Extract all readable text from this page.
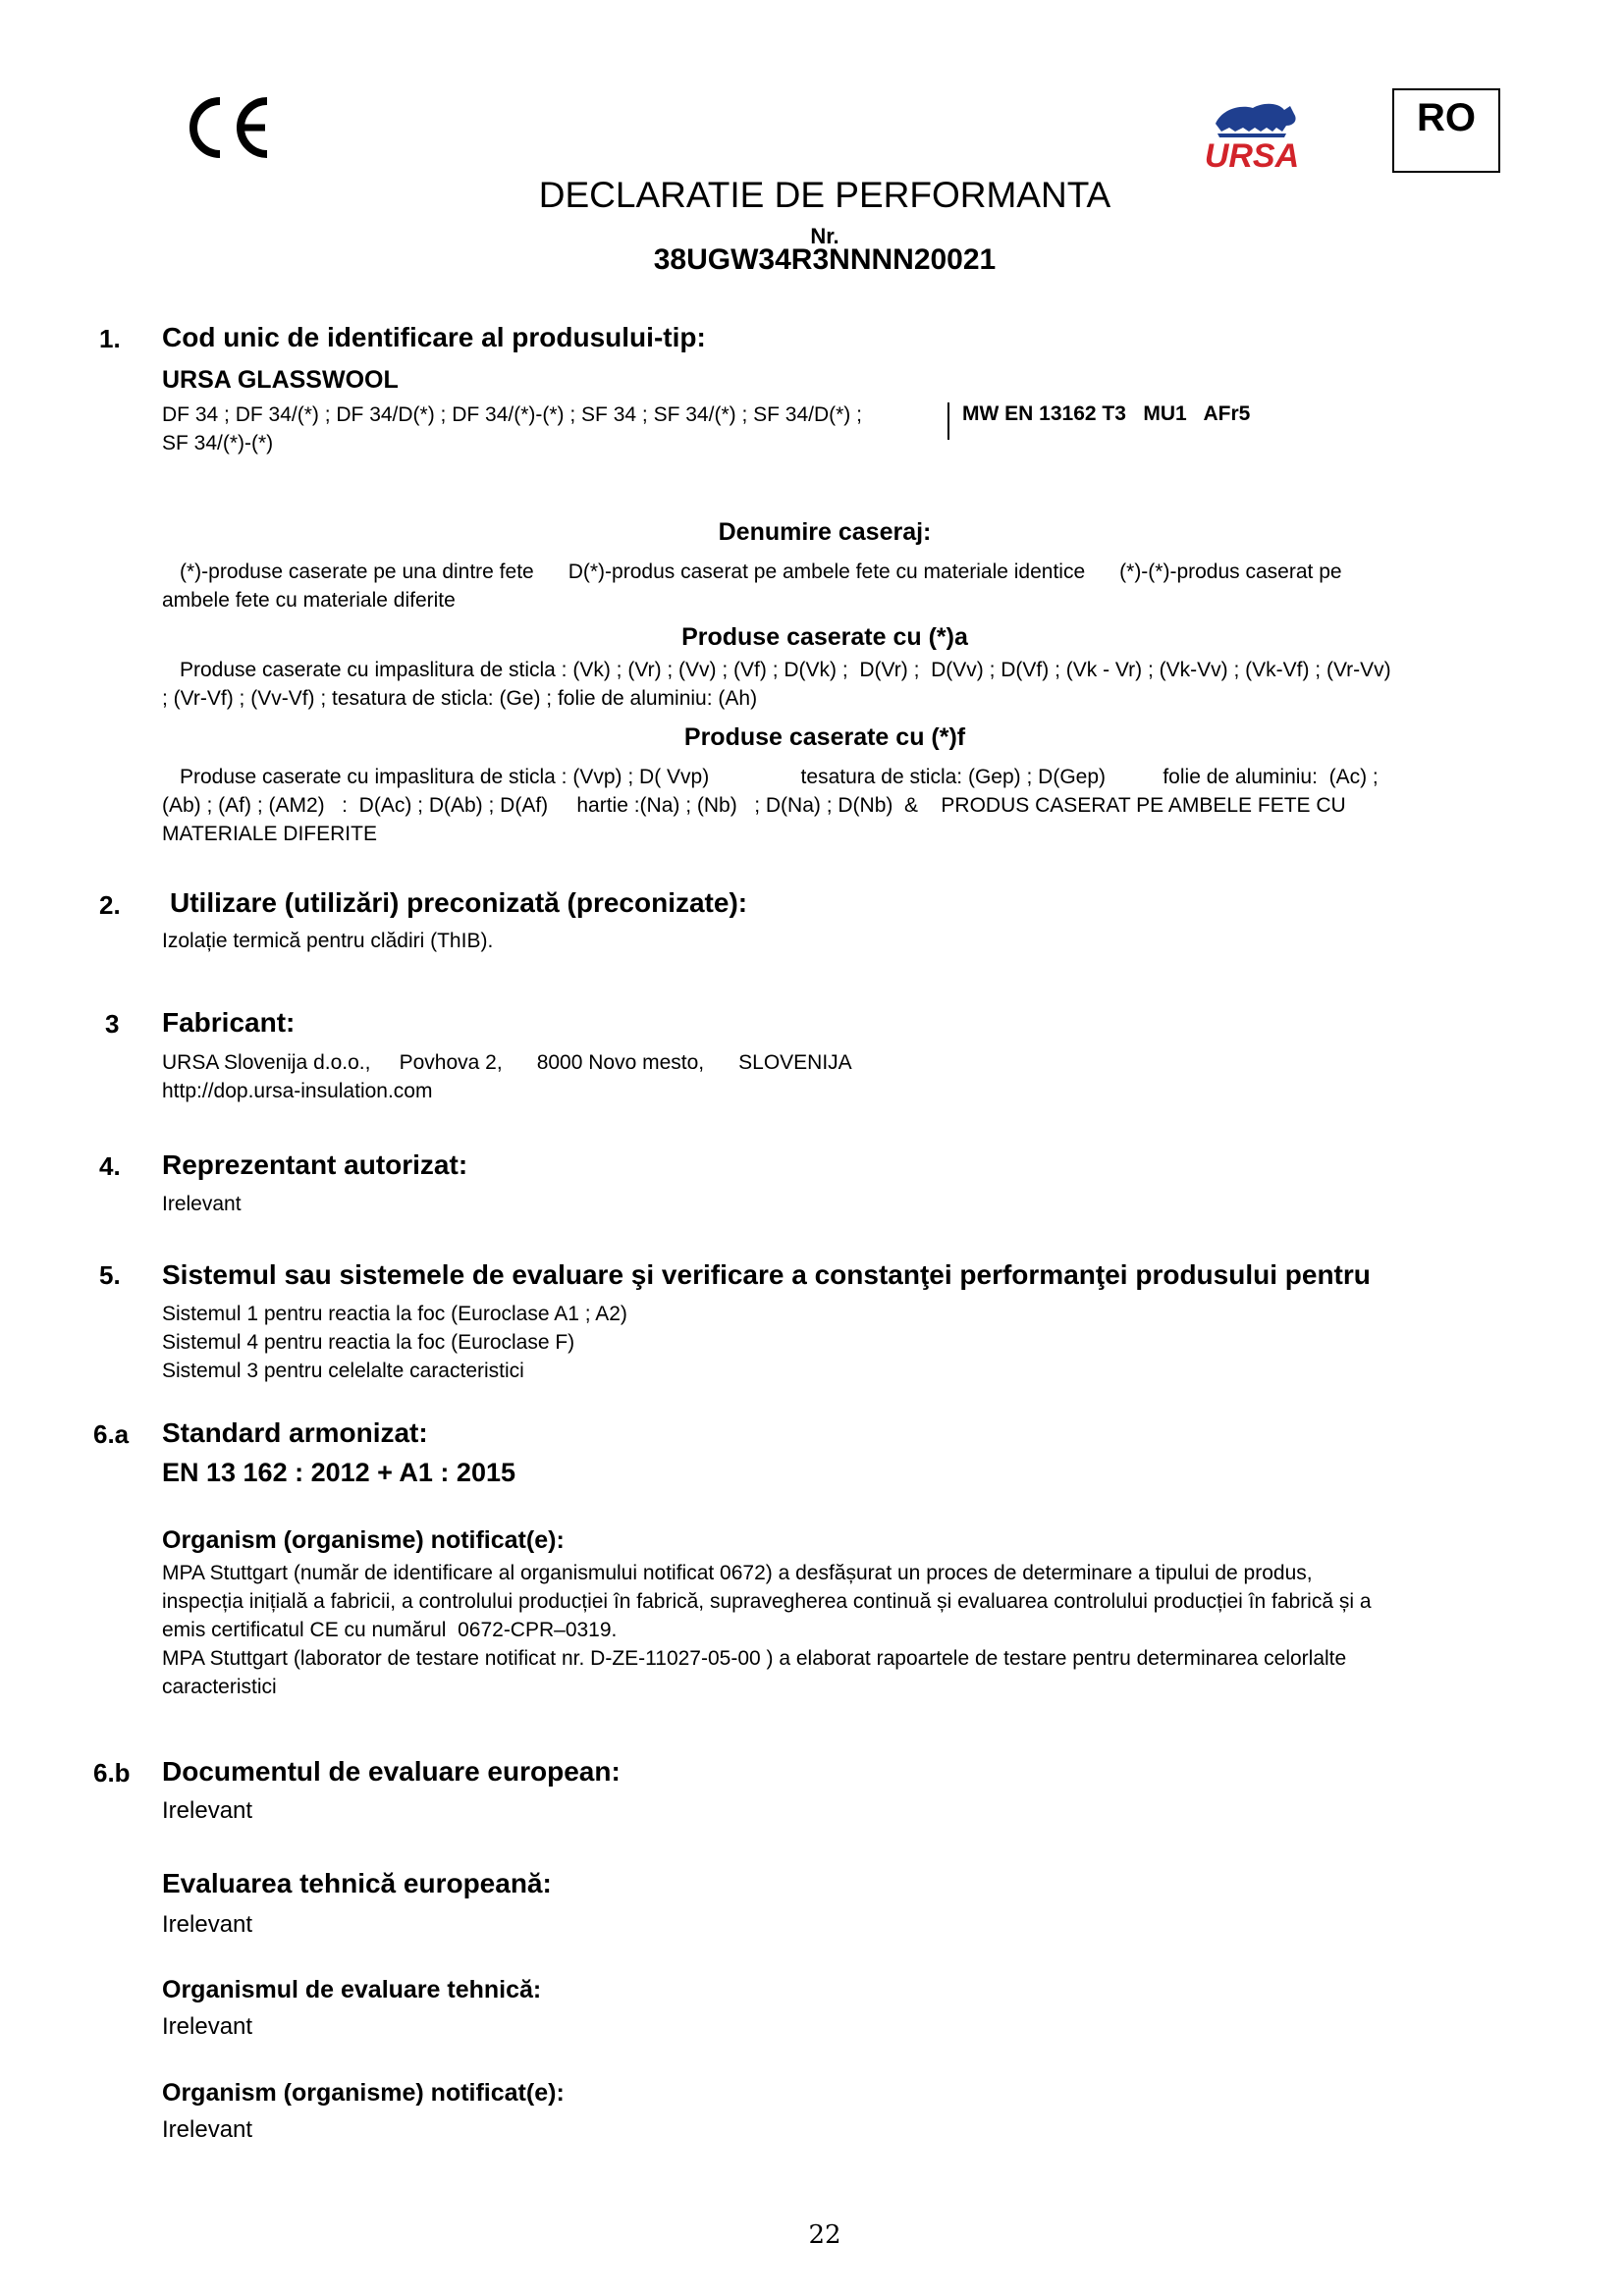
URSA
RO
DECLARATIE DE PERFORMANTA
Nr.
38UGW34R3NNNN20021
1. Cod unic de identificare al produsului-tip:
URSA GLASSWOOL
DF 34 ; DF 34/(*) ; DF 34/D(*) ; DF 34/(*)-(*) ; SF 34 ; SF 34/(*) ; SF 34/D(*) ;
SF 34/(*)-(*)
MW EN 13162 T3   MU1   AFr5
Denumire caseraj:
(*)-produse caserate pe una dintre fete      D(*)-produs caserat pe ambele fete cu materiale identice      (*)-(*)-produs caserat pe
ambele fete cu materiale diferite
Produse caserate cu (*)a
Produse caserate cu impaslitura de sticla : (Vk) ; (Vr) ; (Vv) ; (Vf) ; D(Vk) ;  D(Vr) ;  D(Vv) ; D(Vf) ; (Vk - Vr) ; (Vk-Vv) ; (Vk-Vf) ; (Vr-Vv)
; (Vr-Vf) ; (Vv-Vf) ; tesatura de sticla: (Ge) ; folie de aluminiu: (Ah)
Produse caserate cu (*)f
Produse caserate cu impaslitura de sticla : (Vvp) ; D( Vvp)                tesatura de sticla: (Gep) ; D(Gep)          folie de aluminiu:  (Ac) ;
(Ab) ; (Af) ; (AM2)   :  D(Ac) ; D(Ab) ; D(Af)     hartie :(Na) ; (Nb)   ; D(Na) ; D(Nb)  &    PRODUS CASERAT PE AMBELE FETE CU
MATERIALE DIFERITE
2. Utilizare (utilizări) preconizată (preconizate):
Izolație termică pentru clădiri (ThIB).
3 Fabricant:
URSA Slovenija d.o.o.,     Povhova 2,      8000 Novo mesto,      SLOVENIJA
http://dop.ursa-insulation.com
4. Reprezentant autorizat:
Irelevant
5. Sistemul sau sistemele de evaluare şi verificare a constanţei performanţei produsului pentru
Sistemul 1 pentru reactia la foc (Euroclase A1 ; A2)
Sistemul 4 pentru reactia la foc (Euroclase F)
Sistemul 3 pentru celelalte caracteristici
6.a Standard armonizat:
EN 13 162 : 2012 + A1 : 2015
Organism (organisme) notificat(e):
MPA Stuttgart (număr de identificare al organismului notificat 0672) a desfășurat un proces de determinare a tipului de produs,
inspecția inițială a fabricii, a controlului producției în fabrică, supravegherea continuă și evaluarea controlului producției în fabrică și a
emis certificatul CE cu numărul  0672-CPR–0319.
MPA Stuttgart (laborator de testare notificat nr. D-ZE-11027-05-00 ) a elaborat rapoartele de testare pentru determinarea celorlalte
caracteristici
6.b Documentul de evaluare european:
Irelevant
Evaluarea tehnică europeană:
Irelevant
Organismul de evaluare tehnică:
Irelevant
Organism (organisme) notificat(e):
Irelevant
22
